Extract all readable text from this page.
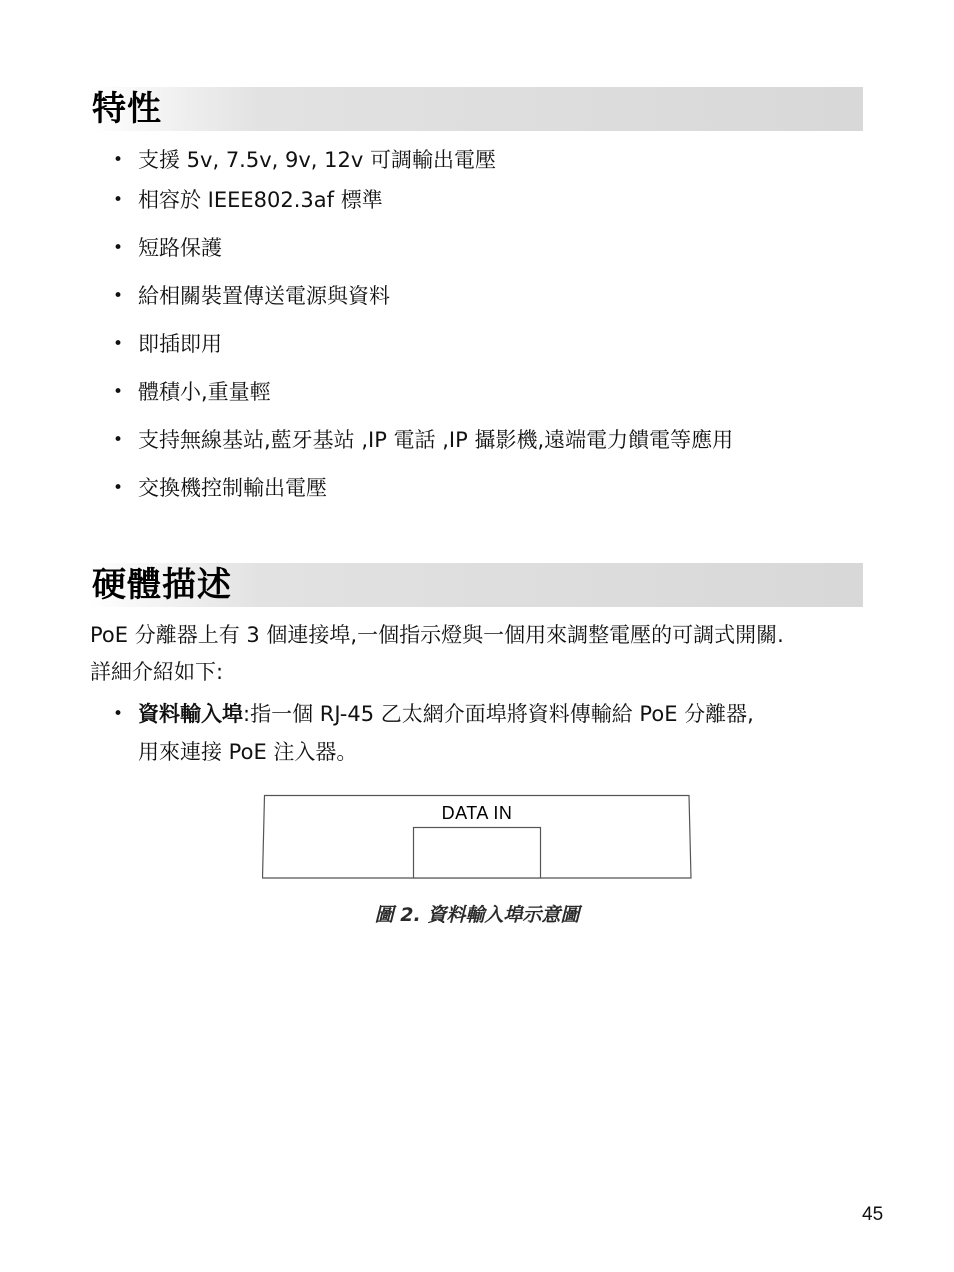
特性
• 支援 5v, 7.5v, 9v, 12v 可調輸出電壓
• 相容於 IEEE802.3af 標準
• 短路保護
• 給相關裝置傳送電源與資料
• 即插即用
• 體積小,重量輕
• 支持無線基站,藍牙基站 ,IP 電話 ,IP 攝影機,遠端電力饋電等應用
• 交換機控制輸出電壓
硬體描述

PoE 分離器上有 3 個連接埠,一個指示燈與一個用來調整電壓的可調式開關.

詳細介紹如下:

• 資料輸入埠:指一個 RJ-45 乙太網介面埠將資料傳輸給 PoE 分離器,
用來連接 PoE 注入器。
DATA IN
圖 2. 資料輸入埠示意圖
45
